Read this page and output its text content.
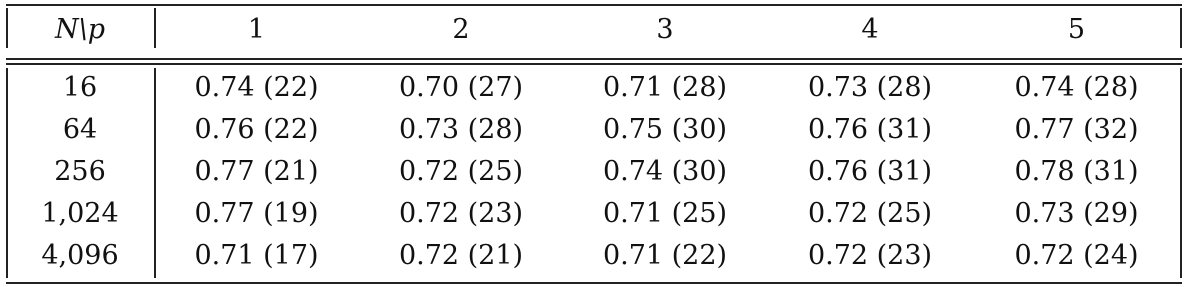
N\p	1	2	3	4	5
16	0.74 (22)	0.70 (27)	0.71 (28)	0.73 (28)	0.74 (28)
64	0.76 (22)	0.73 (28)	0.75 (30)	0.76 (31)	0.77 (32)
256	0.77 (21)	0.72 (25)	0.74 (30)	0.76 (31)	0.78 (31)
1,024	0.77 (19)	0.72 (23)	0.71 (25)	0.72 (25)	0.73 (29)
4,096	0.71 (17)	0.72 (21)	0.71 (22)	0.72 (23)	0.72 (24)
